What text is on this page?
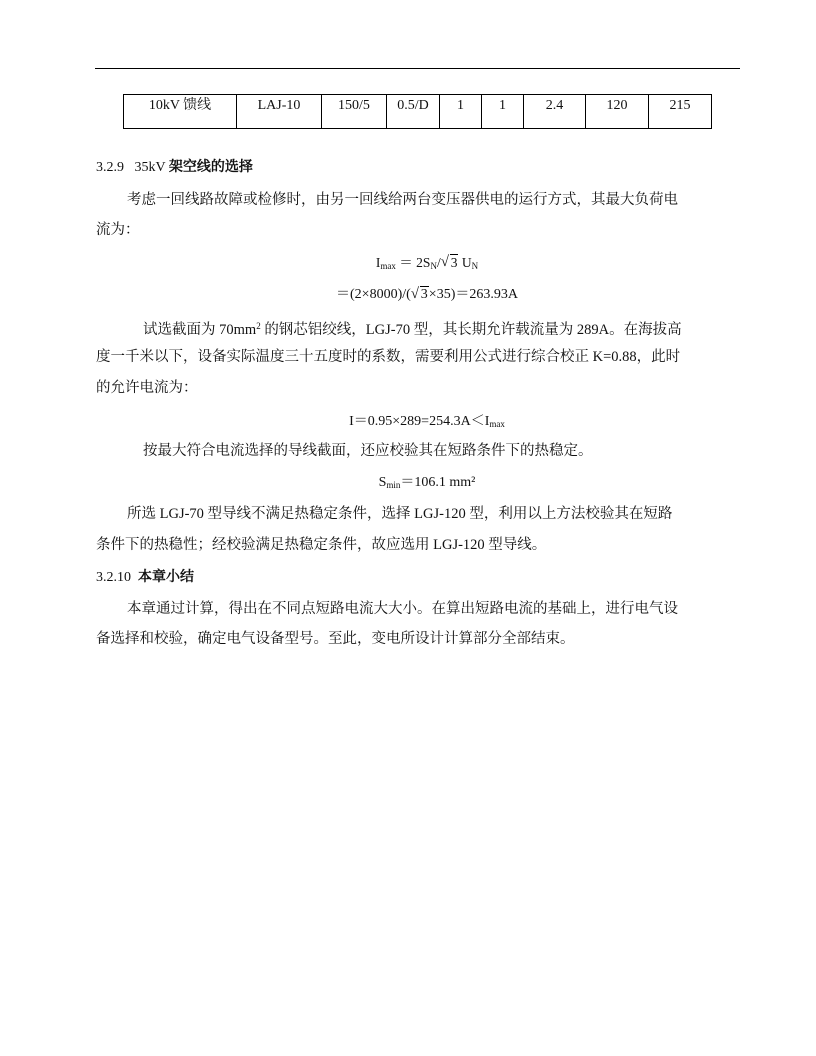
10kV 馈线	LAJ-10	150/5	0.5/D	1	1	2.4	120	215
3.2.9 35kV 架空线的选择
考虑一回线路故障或检修时，由另一回线给两台变压器供电的运行方式，其最大负荷电
流为：
$I_{max} = 2S_N/$ √ 3 $U_N$
＝(2×8000)/( √ 3×35)＝263.93A
试选截面为 $70mm^2$ 的钢芯铝绞线，LGJ-70 型，其长期允许载流量为 289A。在海拔高
度一千米以下，设备实际温度三十五度时的系数，需要利用公式进行综合校正 K=0.88，此时
的允许电流为：
$I=0.95\times 289=254.3A<I_{max}$
按最大符合电流选择的导线截面，还应校验其在短路条件下的热稳定。
$S_{min}=106.1$ mm²
所选 LGJ-70 型导线不满足热稳定条件，选择 LGJ-120 型，利用以上方法校验其在短路
条件下的热稳性；经校验满足热稳定条件，故应选用 LGJ-120 型导线。
3.2.10 本章小结
本章通过计算，得出在不同点短路电流大大小。在算出短路电流的基础上，进行电气设
备选择和校验，确定电气设备型号。至此，变电所设计计算部分全部结束。
